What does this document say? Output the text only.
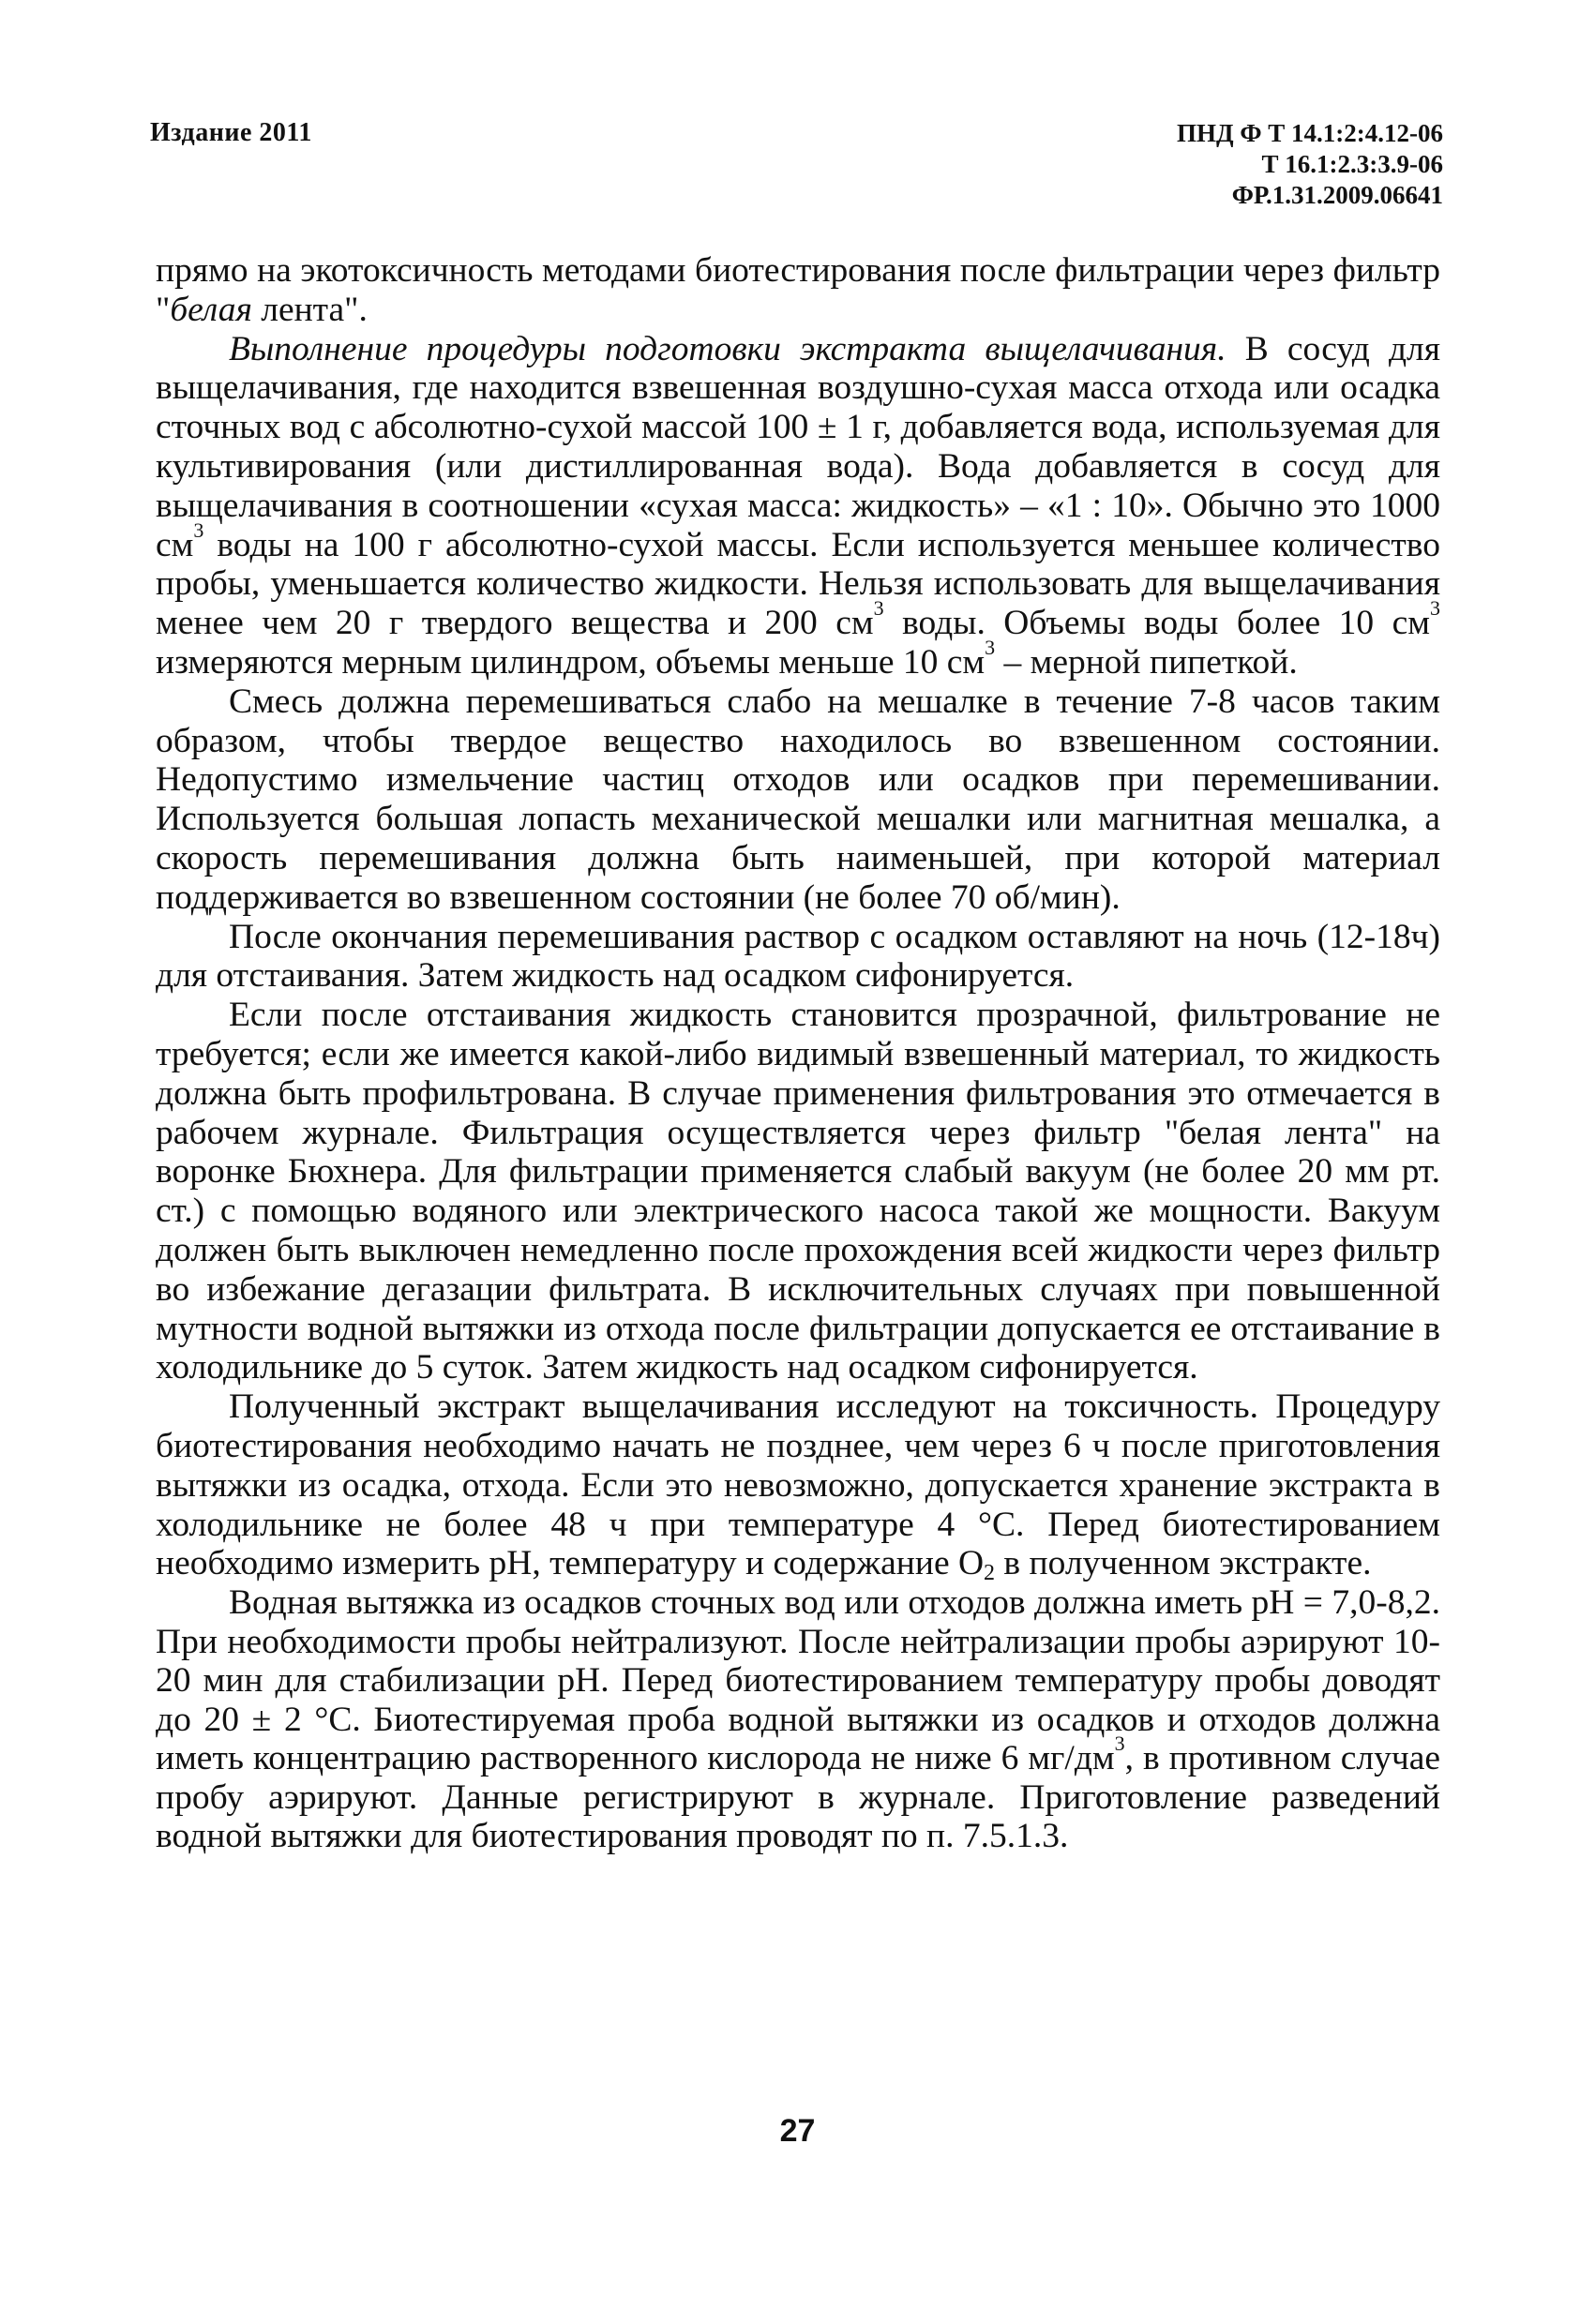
Издание 2011	ПНД Ф Т 14.1:2:4.12-06
Т 16.1:2.3:3.9-06
ФР.1.31.2009.06641

прямо на экотоксичность методами биотестирования после фильтрации через фильтр "белая лента".

Выполнение процедуры подготовки экстракта выщелачивания. В сосуд для выщелачивания, где находится взвешенная воздушно-сухая масса отхода или осадка сточных вод с абсолютно-сухой массой 100 ± 1 г, добавляется вода, используемая для культивирования (или дистиллированная вода). Вода добавляется в сосуд для выщелачивания в соотношении «сухая масса: жидкость» – «1 : 10». Обычно это 1000 $см^3$ воды на 100 г абсолютно-сухой массы. Если используется меньшее количество пробы, уменьшается количество жидкости. Нельзя использовать для выщелачивания менее чем 20 г твердого вещества и 200 $см^3$ воды. Объемы воды более 10 $см^3$ измеряются мерным цилиндром, объемы меньше 10 $см^3$ – мерной пипеткой.

Смесь должна перемешиваться слабо на мешалке в течение 7-8 часов таким образом, чтобы твердое вещество находилось во взвешенном состоянии. Недопустимо измельчение частиц отходов или осадков при перемешивании. Используется большая лопасть механической мешалки или магнитная мешалка, а скорость перемешивания должна быть наименьшей, при которой материал поддерживается во взвешенном состоянии (не более 70 об/мин).

После окончания перемешивания раствор с осадком оставляют на ночь (12-18ч) для отстаивания. Затем жидкость над осадком сифонируется.

Если после отстаивания жидкость становится прозрачной, фильтрование не требуется; если же имеется какой-либо видимый взвешенный материал, то жидкость должна быть профильтрована. В случае применения фильтрования это отмечается в рабочем журнале. Фильтрация осуществляется через фильтр "белая лента" на воронке Бюхнера. Для фильтрации применяется слабый вакуум (не более 20 мм рт. ст.) с помощью водяного или электрического насоса такой же мощности. Вакуум должен быть выключен немедленно после прохождения всей жидкости через фильтр во избежание дегазации фильтрата. В исключительных случаях при повышенной мутности водной вытяжки из отхода после фильтрации допускается ее отстаивание в холодильнике до 5 суток. Затем жидкость над осадком сифонируется.

Полученный экстракт выщелачивания исследуют на токсичность. Процедуру биотестирования необходимо начать не позднее, чем через 6 ч после приготовления вытяжки из осадка, отхода. Если это невозможно, допускается хранение экстракта в холодильнике не более 48 ч при температуре 4 °С. Перед биотестированием необходимо измерить рН, температуру и содержание $О_2$ в полученном экстракте.

Водная вытяжка из осадков сточных вод или отходов должна иметь рН = 7,0-8,2. При необходимости пробы нейтрализуют. После нейтрализации пробы аэрируют 10-20 мин для стабилизации рН. Перед биотестированием температуру пробы доводят до 20 ± 2 °С. Биотестируемая проба водной вытяжки из осадков и отходов должна иметь концентрацию растворенного кислорода не ниже 6 $мг/дм^3$, в противном случае пробу аэрируют. Данные регистрируют в журнале. Приготовление разведений водной вытяжки для биотестирования проводят по п. 7.5.1.3.

27
